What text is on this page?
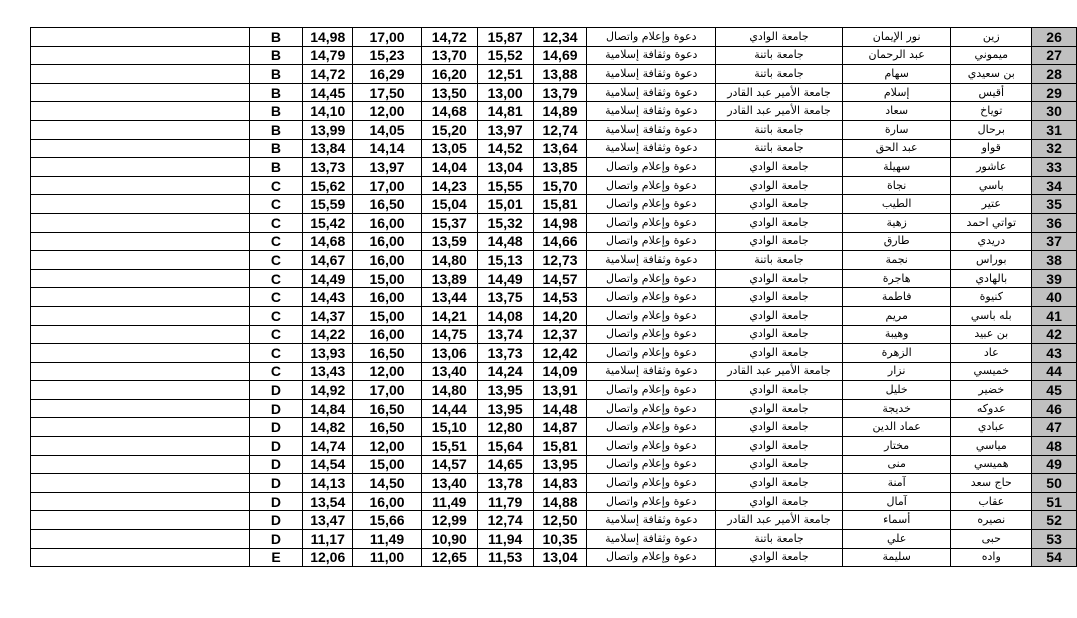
	B	14,98	17,00	14,72	15,87	12,34	دعوة وإعلام واتصال	جامعة الوادي	نور الإيمان	زين	26
	B	14,79	15,23	13,70	15,52	14,69	دعوة وثقافة إسلامية	جامعة باتنة	عبد الرحمان	ميموني	27
	B	14,72	16,29	16,20	12,51	13,88	دعوة وثقافة إسلامية	جامعة باتنة	سهام	بن سعيدي	28
	B	14,45	17,50	13,50	13,00	13,79	دعوة وثقافة إسلامية	جامعة الأمير عبد القادر	إسلام	أقيس	29
	B	14,10	12,00	14,68	14,81	14,89	دعوة وثقافة إسلامية	جامعة الأمير عبد القادر	سعاد	توياخ	30
	B	13,99	14,05	15,20	13,97	12,74	دعوة وثقافة إسلامية	جامعة باتنة	سارة	برحال	31
	B	13,84	14,14	13,05	14,52	13,64	دعوة وثقافة إسلامية	جامعة باتنة	عبد الحق	قواو	32
	B	13,73	13,97	14,04	13,04	13,85	دعوة وإعلام واتصال	جامعة الوادي	سهيلة	عاشور	33
	C	15,62	17,00	14,23	15,55	15,70	دعوة وإعلام واتصال	جامعة الوادي	نجاة	باسي	34
	C	15,59	16,50	15,04	15,01	15,81	دعوة وإعلام واتصال	جامعة الوادي	الطيب	عتير	35
	C	15,42	16,00	15,37	15,32	14,98	دعوة وإعلام واتصال	جامعة الوادي	زهية	تواتي احمد	36
	C	14,68	16,00	13,59	14,48	14,66	دعوة وإعلام واتصال	جامعة الوادي	طارق	دريدي	37
	C	14,67	16,00	14,80	15,13	12,73	دعوة وثقافة إسلامية	جامعة باتنة	نجمة	بوراس	38
	C	14,49	15,00	13,89	14,49	14,57	دعوة وإعلام واتصال	جامعة الوادي	هاجرة	بالهادي	39
	C	14,43	16,00	13,44	13,75	14,53	دعوة وإعلام واتصال	جامعة الوادي	فاطمة	كنيوة	40
	C	14,37	15,00	14,21	14,08	14,20	دعوة وإعلام واتصال	جامعة الوادي	مريم	بله باسي	41
	C	14,22	16,00	14,75	13,74	12,37	دعوة وإعلام واتصال	جامعة الوادي	وهيبة	بن عبيد	42
	C	13,93	16,50	13,06	13,73	12,42	دعوة وإعلام واتصال	جامعة الوادي	الزهرة	عاد	43
	C	13,43	12,00	13,40	14,24	14,09	دعوة وثقافة إسلامية	جامعة الأمير عبد القادر	نزار	خميسي	44
	D	14,92	17,00	14,80	13,95	13,91	دعوة وإعلام واتصال	جامعة الوادي	خليل	خضير	45
	D	14,84	16,50	14,44	13,95	14,48	دعوة وإعلام واتصال	جامعة الوادي	خديجة	عدوكه	46
	D	14,82	16,50	15,10	12,80	14,87	دعوة وإعلام واتصال	جامعة الوادي	عماد الدين	عبادي	47
	D	14,74	12,00	15,51	15,64	15,81	دعوة وإعلام واتصال	جامعة الوادي	مختار	مياسي	48
	D	14,54	15,00	14,57	14,65	13,95	دعوة وإعلام واتصال	جامعة الوادي	منى	هميسي	49
	D	14,13	14,50	13,40	13,78	14,83	دعوة وإعلام واتصال	جامعة الوادي	آمنة	حاج سعد	50
	D	13,54	16,00	11,49	11,79	14,88	دعوة وإعلام واتصال	جامعة الوادي	آمال	عقاب	51
	D	13,47	15,66	12,99	12,74	12,50	دعوة وثقافة إسلامية	جامعة الأمير عبد القادر	أسماء	نصيره	52
	D	11,17	11,49	10,90	11,94	10,35	دعوة وثقافة إسلامية	جامعة باتنة	علي	حبى	53
	E	12,06	11,00	12,65	11,53	13,04	دعوة وإعلام واتصال	جامعة الوادي	سليمة	واده	54
